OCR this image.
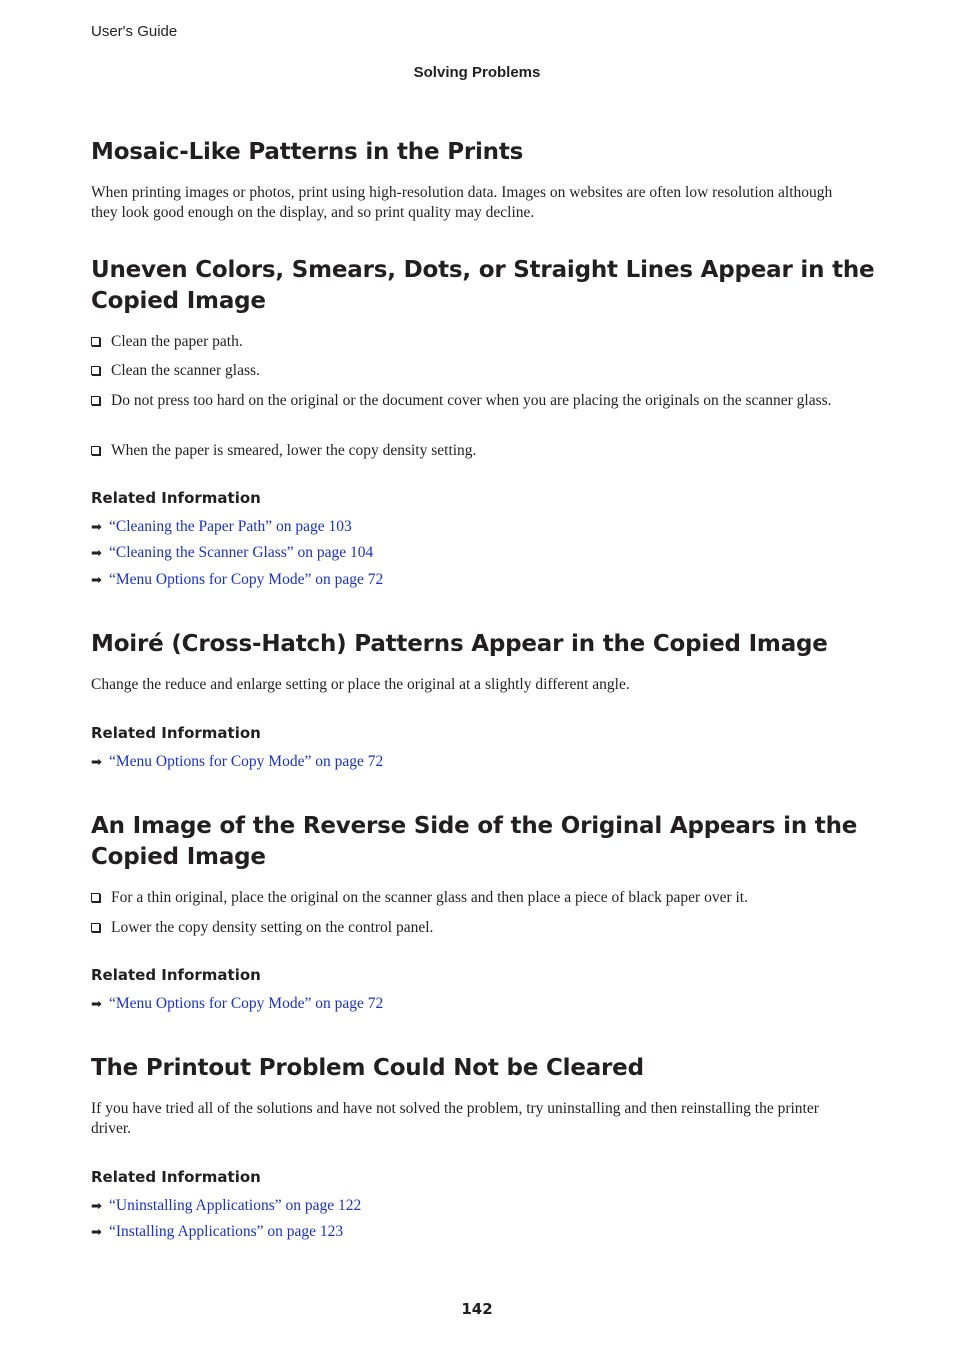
User's Guide
Solving Problems
Mosaic-Like Patterns in the Prints

When printing images or photos, print using high-resolution data. Images on websites are often low resolution although they look good enough on the display, and so print quality may decline.

Uneven Colors, Smears, Dots, or Straight Lines Appear in the Copied Image
Clean the paper path.
Clean the scanner glass.
Do not press too hard on the original or the document cover when you are placing the originals on the scanner glass.
When the paper is smeared, lower the copy density setting.
Related Information
➡ “Cleaning the Paper Path” on page 103
➡ “Cleaning the Scanner Glass” on page 104
➡ “Menu Options for Copy Mode” on page 72
Moiré (Cross-Hatch) Patterns Appear in the Copied Image

Change the reduce and enlarge setting or place the original at a slightly different angle.

Related Information
➡ “Menu Options for Copy Mode” on page 72
An Image of the Reverse Side of the Original Appears in the Copied Image
For a thin original, place the original on the scanner glass and then place a piece of black paper over it.
Lower the copy density setting on the control panel.
Related Information
➡ “Menu Options for Copy Mode” on page 72
The Printout Problem Could Not be Cleared

If you have tried all of the solutions and have not solved the problem, try uninstalling and then reinstalling the printer driver.

Related Information
➡ “Uninstalling Applications” on page 122
➡ “Installing Applications” on page 123
142
